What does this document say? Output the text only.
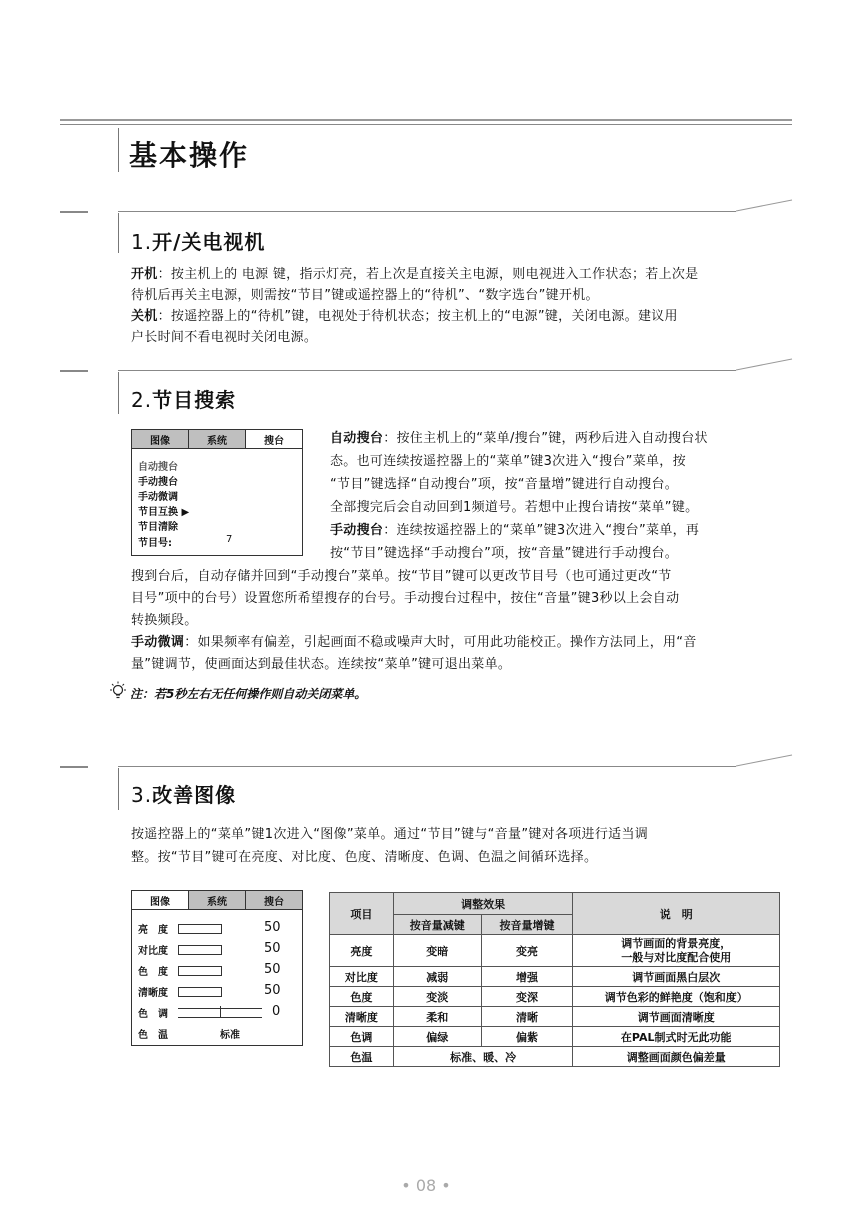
基本操作
1.开/关电视机
开机：按主机上的 电源 键，指示灯亮，若上次是直接关主电源，则电视进入工作状态；若上次是
待机后再关主电源，则需按“节目”键或遥控器上的“待机”、“数字选台”键开机。
关机：按遥控器上的“待机”键，电视处于待机状态；按主机上的“电源”键，关闭电源。建议用
户长时间不看电视时关闭电源。
2.节目搜索
图像	系统	搜台
自动搜台
手动搜台
手动微调
节目互换 ▶
节目清除
节目号:	7
自动搜台：按住主机上的“菜单/搜台”键，两秒后进入自动搜台状
态。也可连续按遥控器上的“菜单”键3次进入“搜台”菜单，按
“节目”键选择“自动搜台”项，按“音量增”键进行自动搜台。
全部搜完后会自动回到1频道号。若想中止搜台请按“菜单”键。
手动搜台：连续按遥控器上的“菜单”键3次进入“搜台”菜单，再
按“节目”键选择“手动搜台”项，按“音量”键进行手动搜台。
搜到台后，自动存储并回到“手动搜台”菜单。按“节目”键可以更改节目号（也可通过更改“节
目号”项中的台号）设置您所希望搜存的台号。手动搜台过程中，按住“音量”键3秒以上会自动
转换频段。
手动微调：如果频率有偏差，引起画面不稳或噪声大时，可用此功能校正。操作方法同上，用“音
量”键调节，使画面达到最佳状态。连续按“菜单”键可退出菜单。
注：若5秒左右无任何操作则自动关闭菜单。
3.改善图像
按遥控器上的“菜单”键1次进入“图像”菜单。通过“节目”键与“音量”键对各项进行适当调
整。按“节目”键可在亮度、对比度、色度、清晰度、色调、色温之间循环选择。
图像	系统	搜台
亮　度	50
对比度	50
色　度	50
清晰度	50
色　调	0
色　温	标准
项目	调整效果		说　明
	按音量减键	按音量增键	
亮度	变暗	变亮	调节画面的背景亮度，
一般与对比度配合使用
对比度	减弱	增强	调节画面黑白层次
色度	变淡	变深	调节色彩的鲜艳度（饱和度）
清晰度	柔和	清晰	调节画面清晰度
色调	偏绿	偏紫	在PAL制式时无此功能
色温	标准、暖、冷		调整画面颜色偏差量
• 08 •
